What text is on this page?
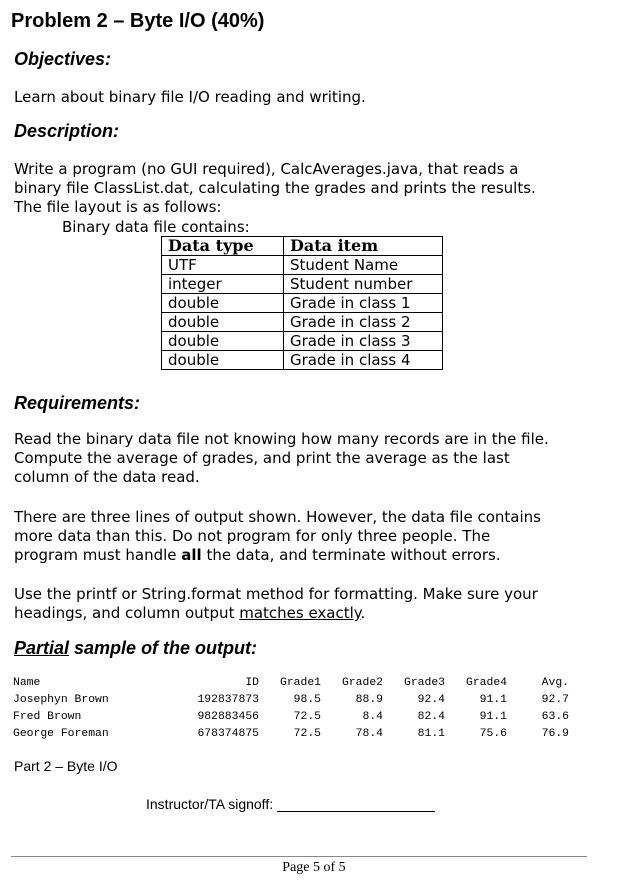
Problem 2 – Byte I/O (40%)
Objectives:
Learn about binary file I/O reading and writing.
Description:
Write a program (no GUI required), CalcAverages.java, that reads a
binary file ClassList.dat, calculating the grades and prints the results.
The file layout is as follows:
Binary data file contains:
Data type	Data item
UTF	Student Name
integer	Student number
double	Grade in class 1
double	Grade in class 2
double	Grade in class 3
double	Grade in class 4
Requirements:
Read the binary data file not knowing how many records are in the file.
Compute the average of grades, and print the average as the last
column of the data read.
There are three lines of output shown. However, the data file contains
more data than this. Do not program for only three people. The
program must handle all the data, and terminate without errors.
Use the printf or String.format method for formatting. Make sure your
headings, and column output matches exactly.
Partial sample of the output:
Name	ID	Grade1	Grade2	Grade3	Grade4	Avg.
Josephyn Brown	192837873	98.5	88.9	92.4	91.1	92.7
Fred Brown	982883456	72.5	8.4	82.4	91.1	63.6
George Foreman	678374875	72.5	78.4	81.1	75.6	76.9
Part 2 – Byte I/O
Instructor/TA signoff:
Page 5 of 5
